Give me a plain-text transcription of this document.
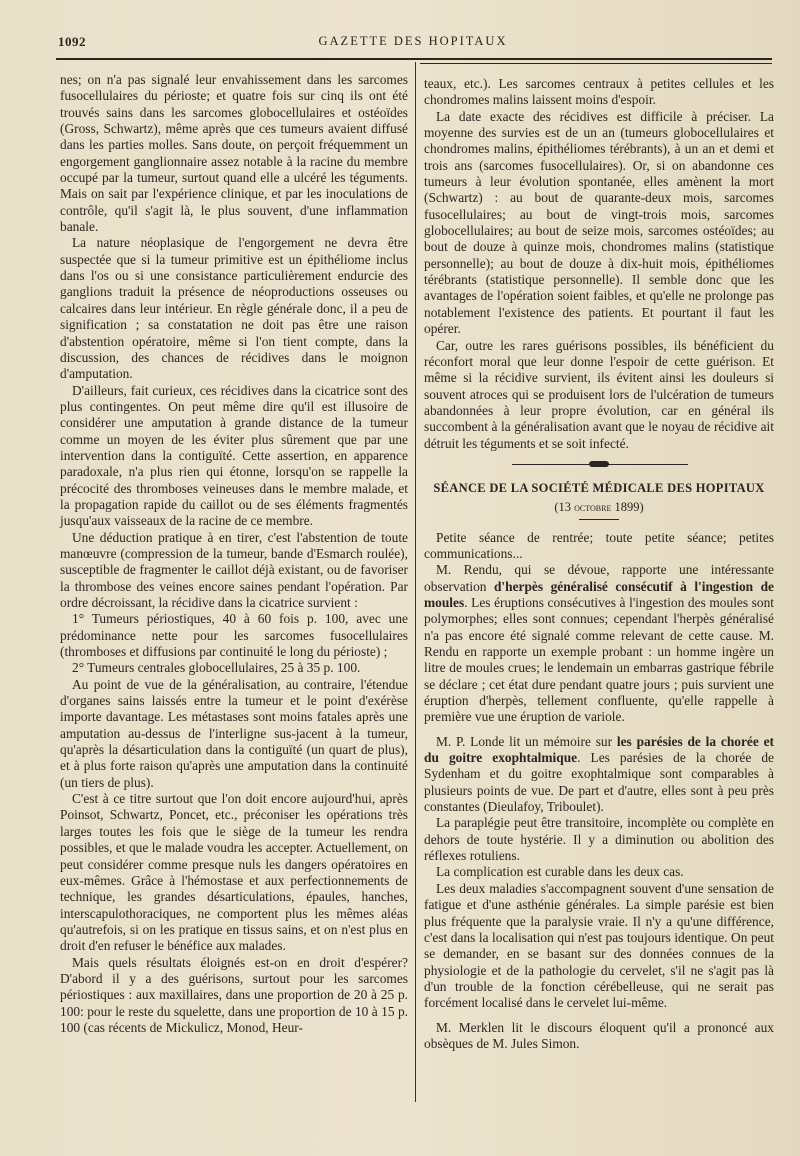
1092	GAZETTE DES HOPITAUX

nes; on n'a pas signalé leur envahissement dans les sarcomes fusocellulaires du périoste; et quatre fois sur cinq ils ont été trouvés sains dans les sarcomes globocellulaires et ostéoïdes (Gross, Schwartz), même après que ces tumeurs avaient diffusé dans les parties molles. Sans doute, on perçoit fréquemment un engorgement ganglionnaire assez notable à la racine du membre occupé par la tumeur, surtout quand elle a ulcéré les téguments. Mais on sait par l'expérience clinique, et par les inoculations de contrôle, qu'il s'agit là, le plus souvent, d'une inflammation banale.

La nature néoplasique de l'engorgement ne devra être suspectée que si la tumeur primitive est un épithéliome inclus dans l'os ou si une consistance particulièrement endurcie des ganglions traduit la présence de néoproductions osseuses ou calcaires dans leur intérieur. En règle générale donc, il a peu de signification ; sa constatation ne doit pas être une raison d'abstention opératoire, même si l'on tient compte, dans la discussion, des chances de récidives dans le moignon d'amputation.

D'ailleurs, fait curieux, ces récidives dans la cicatrice sont des plus contingentes. On peut même dire qu'il est illusoire de considérer une amputation à grande distance de la tumeur comme un moyen de les éviter plus sûrement que par une intervention dans la contiguïté. Cette assertion, en apparence paradoxale, n'a plus rien qui étonne, lorsqu'on se rappelle la précocité des thromboses veineuses dans le membre malade, et la propagation rapide du caillot ou de ses éléments fragmentés jusqu'aux vaisseaux de la racine de ce membre.

Une déduction pratique à en tirer, c'est l'abstention de toute manœuvre (compression de la tumeur, bande d'Esmarch roulée), susceptible de fragmenter le caillot déjà existant, ou de favoriser la thrombose des veines encore saines pendant l'opération. Par ordre décroissant, la récidive dans la cicatrice survient :

1° Tumeurs périostiques, 40 à 60 fois p. 100, avec une prédominance nette pour les sarcomes fusocellulaires (thromboses et diffusions par continuité le long du périoste) ;

2° Tumeurs centrales globocellulaires, 25 à 35 p. 100.

Au point de vue de la généralisation, au contraire, l'étendue d'organes sains laissés entre la tumeur et le point d'exérèse importe davantage. Les métastases sont moins fatales après une amputation au-dessus de l'interligne sus-jacent à la tumeur, qu'après la désarticulation dans la contiguïté (un quart de plus), et à plus forte raison qu'après une amputation dans la continuité (un tiers de plus).

C'est à ce titre surtout que l'on doit encore aujourd'hui, après Poinsot, Schwartz, Poncet, etc., préconiser les opérations très larges toutes les fois que le siège de la tumeur les rendra possibles, et que le malade voudra les accepter. Actuellement, on peut considérer comme presque nuls les dangers opératoires en eux-mêmes. Grâce à l'hémostase et aux perfectionnements de technique, les grandes désarticulations, épaules, hanches, interscapulothoraciques, ne comportent plus les mêmes aléas qu'autrefois, si on les pratique en tissus sains, et on n'est plus en droit d'en refuser le bénéfice aux malades.

Mais quels résultats éloignés est-on en droit d'espérer? D'abord il y a des guérisons, surtout pour les sarcomes périostiques : aux maxillaires, dans une proportion de 20 à 25 p. 100: pour le reste du squelette, dans une proportion de 10 à 15 p. 100 (cas récents de Mickulicz, Monod, Heur-

teaux, etc.). Les sarcomes centraux à petites cellules et les chondromes malins laissent moins d'espoir.

La date exacte des récidives est difficile à préciser. La moyenne des survies est de un an (tumeurs globocellulaires et chondromes malins, épithéliomes térébrants), à un an et demi et trois ans (sarcomes fusocellulaires). Or, si on abandonne ces tumeurs à leur évolution spontanée, elles amènent la mort (Schwartz) : au bout de quarante-deux mois, sarcomes fusocellulaires; au bout de vingt-trois mois, sarcomes globocellulaires; au bout de seize mois, sarcomes ostéoïdes; au bout de douze à quinze mois, chondromes malins (statistique personnelle); au bout de douze à dix-huit mois, épithéliomes térébrants (statistique personnelle). Il semble donc que les avantages de l'opération soient faibles, et qu'elle ne prolonge pas notablement l'existence des patients. Et pourtant il faut les opérer.

Car, outre les rares guérisons possibles, ils bénéficient du réconfort moral que leur donne l'espoir de cette guérison. Et même si la récidive survient, ils évitent ainsi les douleurs si souvent atroces qui se produisent lors de l'ulcération de tumeurs abandonnées à leur propre évolution, car en général ils succombent à la généralisation avant que le noyau de récidive ait détruit les téguments et se soit infecté.

SÉANCE DE LA SOCIÉTÉ MÉDICALE DES HOPITAUX
(13 octobre 1899)

Petite séance de rentrée; toute petite séance; petites communications...

M. Rendu, qui se dévoue, rapporte une intéressante observation d'herpès généralisé consécutif à l'ingestion de moules. Les éruptions consécutives à l'ingestion des moules sont polymorphes; elles sont connues; cependant l'herpès généralisé n'a pas encore été signalé comme relevant de cette cause. M. Rendu en rapporte un exemple probant : un homme ingère un litre de moules crues; le lendemain un embarras gastrique fébrile se déclare ; cet état dure pendant quatre jours ; puis survient une éruption d'herpès, tellement confluente, qu'elle rappelle à première vue une éruption de variole.

M. P. Londe lit un mémoire sur les parésies de la chorée et du goitre exophtalmique. Les parésies de la chorée de Sydenham et du goitre exophtalmique sont comparables à plusieurs points de vue. De part et d'autre, elles sont à peu près constantes (Dieulafoy, Triboulet).

La paraplégie peut être transitoire, incomplète ou complète en dehors de toute hystérie. Il y a diminution ou abolition des réflexes rotuliens.

La complication est curable dans les deux cas.

Les deux maladies s'accompagnent souvent d'une sensation de fatigue et d'une asthénie générales. La simple parésie est bien plus fréquente que la paralysie vraie. Il n'y a qu'une différence, c'est dans la localisation qui n'est pas toujours identique. On peut se demander, en se basant sur des données connues de la physiologie et de la pathologie du cervelet, s'il ne s'agit pas là d'un trouble de la fonction cérébelleuse, qui ne serait pas forcément localisé dans le cervelet lui-même.

M. Merklen lit le discours éloquent qu'il a prononcé aux obsèques de M. Jules Simon.
